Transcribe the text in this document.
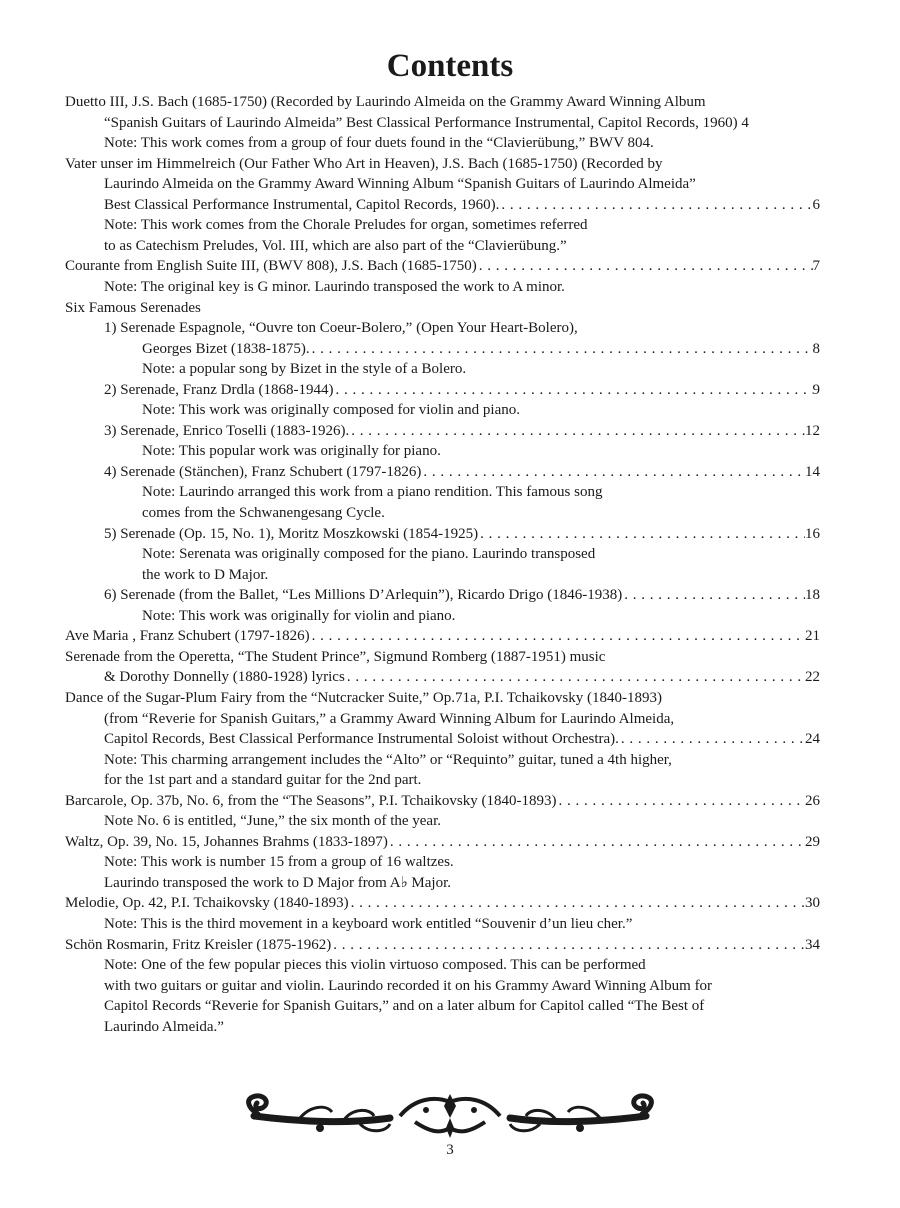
Contents
Duetto III, J.S. Bach (1685-1750) (Recorded by Laurindo Almeida on the Grammy Award Winning Album
“Spanish Guitars of Laurindo Almeida” Best Classical Performance Instrumental, Capitol Records, 1960) 4
Note: This work comes from a group of four duets found in the “Clavierübung,” BWV 804.
Vater unser im Himmelreich (Our Father Who Art in Heaven), J.S. Bach (1685-1750) (Recorded by
Laurindo Almeida on the Grammy Award Winning Album “Spanish Guitars of Laurindo Almeida”
Best Classical Performance Instrumental, Capitol Records, 1960). . . .	6
Note: This work comes from the Chorale Preludes for organ, sometimes referred
to as Catechism Preludes, Vol. III, which are also part of the “Clavierübung.”
Courante from English Suite III, (BWV 808), J.S. Bach (1685-1750) . . .	7
Note: The original key is G minor. Laurindo transposed the work to A minor.
Six Famous Serenades
1) Serenade Espagnole, “Ouvre ton Coeur-Bolero,” (Open Your Heart-Bolero),
Georges Bizet (1838-1875). . . .	8
Note: a popular song by Bizet in the style of a Bolero.
2) Serenade, Franz Drdla (1868-1944) . . .	9
Note: This work was originally composed for violin and piano.
3) Serenade, Enrico Toselli (1883-1926). . . .	12
Note: This popular work was originally for piano.
4) Serenade (Stänchen), Franz Schubert (1797-1826) . . .	14
Note: Laurindo arranged this work from a piano rendition. This famous song
comes from the Schwanengesang Cycle.
5) Serenade (Op. 15, No. 1), Moritz Moszkowski (1854-1925) . . .	16
Note: Serenata was originally composed for the piano. Laurindo transposed
the work to D Major.
6) Serenade (from the Ballet, “Les Millions D’Arlequin”), Ricardo Drigo (1846-1938) . . .	18
Note: This work was originally for violin and piano.
Ave Maria , Franz Schubert (1797-1826) . . .	21
Serenade from the Operetta, “The Student Prince”, Sigmund Romberg (1887-1951) music
& Dorothy Donnelly (1880-1928) lyrics . . .	22
Dance of the Sugar-Plum Fairy from the “Nutcracker Suite,” Op.71a, P.I. Tchaikovsky (1840-1893)
(from “Reverie for Spanish Guitars,” a Grammy Award Winning Album for Laurindo Almeida,
Capitol Records, Best Classical Performance Instrumental Soloist without Orchestra). . . .	24
Note: This charming arrangement includes the “Alto” or “Requinto” guitar, tuned a 4th higher,
for the 1st part and a standard guitar for the 2nd part.
Barcarole, Op. 37b, No. 6, from the “The Seasons”, P.I. Tchaikovsky (1840-1893) . . .	26
Note No. 6 is entitled, “June,” the six month of the year.
Waltz, Op. 39, No. 15, Johannes Brahms (1833-1897) . . .	29
Note: This work is number 15 from a group of 16 waltzes.
Laurindo transposed the work to D Major from A♭ Major.
Melodie, Op. 42, P.I. Tchaikovsky (1840-1893) . . .	30
Note: This is the third movement in a keyboard work entitled “Souvenir d’un lieu cher.”
Schön Rosmarin, Fritz Kreisler (1875-1962) . . .	34
Note: One of the few popular pieces this violin virtuoso composed. This can be performed
with two guitars or guitar and violin. Laurindo recorded it on his Grammy Award Winning Album for
Capitol Records “Reverie for Spanish Guitars,” and on a later album for Capitol called “The Best of
Laurindo Almeida.”
3
